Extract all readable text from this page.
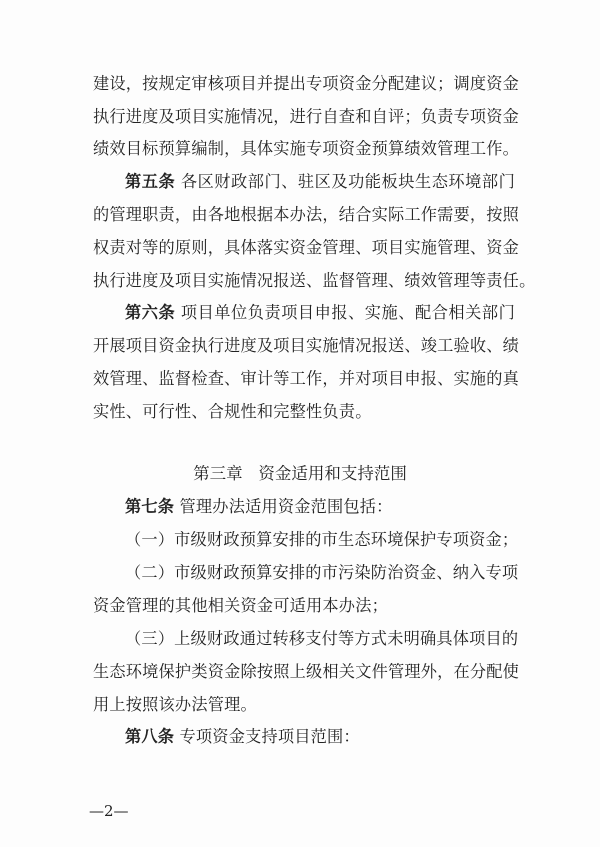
建设，按规定审核项目并提出专项资金分配建议；调度资金
执行进度及项目实施情况，进行自查和自评；负责专项资金
绩效目标预算编制，具体实施专项资金预算绩效管理工作。
第五条 各区财政部门、驻区及功能板块生态环境部门
的管理职责，由各地根据本办法，结合实际工作需要，按照
权责对等的原则，具体落实资金管理、项目实施管理、资金
执行进度及项目实施情况报送、监督管理、绩效管理等责任。
第六条 项目单位负责项目申报、实施、配合相关部门
开展项目资金执行进度及项目实施情况报送、竣工验收、绩
效管理、监督检查、审计等工作，并对项目申报、实施的真
实性、可行性、合规性和完整性负责。
第三章 资金适用和支持范围
第七条 管理办法适用资金范围包括：
（一）市级财政预算安排的市生态环境保护专项资金；
（二）市级财政预算安排的市污染防治资金、纳入专项
资金管理的其他相关资金可适用本办法；
（三）上级财政通过转移支付等方式未明确具体项目的
生态环境保护类资金除按照上级相关文件管理外，在分配使
用上按照该办法管理。
第八条 专项资金支持项目范围：
—2—
